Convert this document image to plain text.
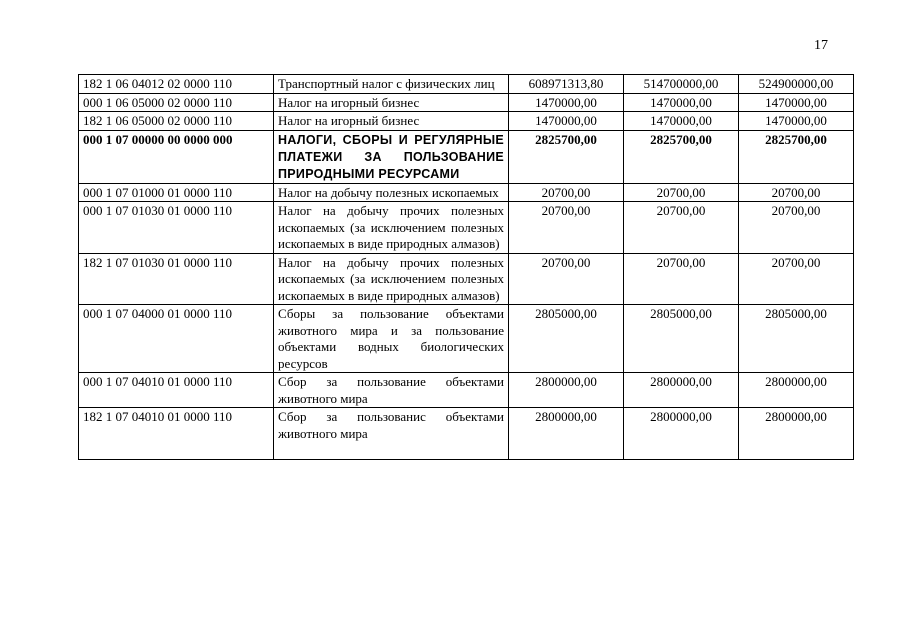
17
182 1 06 04012 02 0000 110	Транспортный налог с физических лиц	608971313,80	514700000,00	524900000,00
000 1 06 05000 02 0000 110	Налог на игорный бизнес	1470000,00	1470000,00	1470000,00
182 1 06 05000 02 0000 110	Налог на игорный бизнес	1470000,00	1470000,00	1470000,00
000 1 07 00000 00 0000 000	НАЛОГИ, СБОРЫ И РЕГУЛЯРНЫЕ ПЛАТЕЖИ ЗА ПОЛЬЗОВАНИЕ ПРИРОДНЫМИ РЕСУРСАМИ	2825700,00	2825700,00	2825700,00
000 1 07 01000 01 0000 110	Налог на добычу полезных ископаемых	20700,00	20700,00	20700,00
000 1 07 01030 01 0000 110	Налог на добычу прочих полезных ископаемых (за исключением полезных ископаемых в виде природных алмазов)	20700,00	20700,00	20700,00
182 1 07 01030 01 0000 110	Налог на добычу прочих полезных ископаемых (за исключением полезных ископаемых в виде природных алмазов)	20700,00	20700,00	20700,00
000 1 07 04000 01 0000 110	Сборы за пользование объектами животного мира и за пользование объектами водных биологических ресурсов	2805000,00	2805000,00	2805000,00
000 1 07 04010 01 0000 110	Сбор за пользование объектами животного мира	2800000,00	2800000,00	2800000,00
182 1 07 04010 01 0000 110	Сбор за пользованис объектами животного мира	2800000,00	2800000,00	2800000,00
